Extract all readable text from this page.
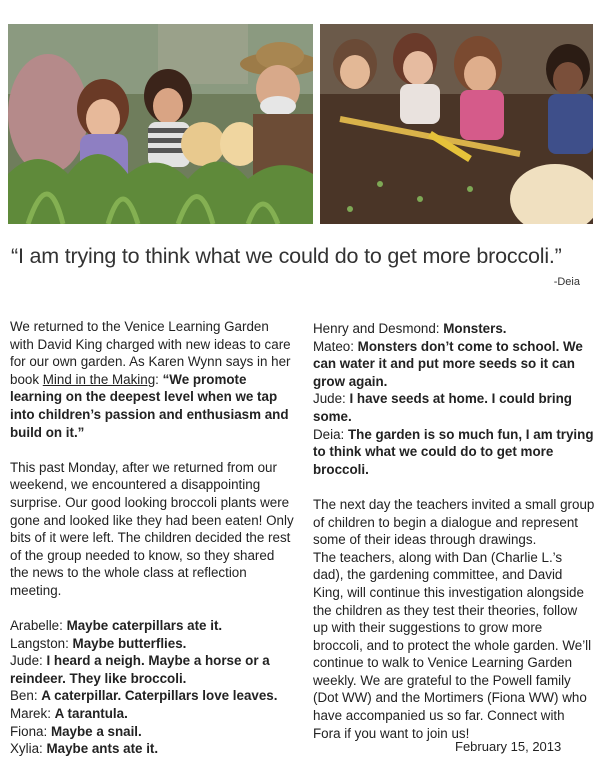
“I am trying to think what we could do to get more broccoli.”
-Deia

We returned to the Venice Learning Garden with David King charged with new ideas to care for our own garden. As Karen Wynn says in her book Mind in the Making: “We promote learning on the deepest level when we tap into children’s passion and enthusiasm and build on it.”

This past Monday, after we returned from our weekend, we encountered a disappointing surprise. Our good looking broccoli plants were gone and looked like they had been eaten! Only bits of it were left. The children decided the rest of the group needed to know, so they shared the news to the whole class at reflection meeting.

Arabelle: Maybe caterpillars ate it.
Langston: Maybe butterflies.
Jude: I heard a neigh. Maybe a horse or a reindeer. They like broccoli.
Ben: A caterpillar. Caterpillars love leaves.
Marek: A tarantula.
Fiona: Maybe a snail.
Xylia: Maybe ants ate it.

Henry and Desmond: Monsters.
Mateo: Monsters don’t come to school. We can water it and put more seeds so it can grow again.
Jude: I have seeds at home. I could bring some.
Deia: The garden is so much fun, I am trying to think what we could do to get more broccoli.

The next day the teachers invited a small group of children to begin a dialogue and represent some of their ideas through drawings.
The teachers, along with Dan (Charlie L.’s dad), the gardening committee, and David King, will continue this investigation alongside the children as they test their theories, follow up with their suggestions to grow more broccoli, and to protect the whole garden. We’ll continue to walk to Venice Learning Garden weekly. We are grateful to the Powell family (Dot WW) and the Mortimers (Fiona WW) who have accompanied us so far. Connect with Fora if you want to join us!
February 15, 2013
